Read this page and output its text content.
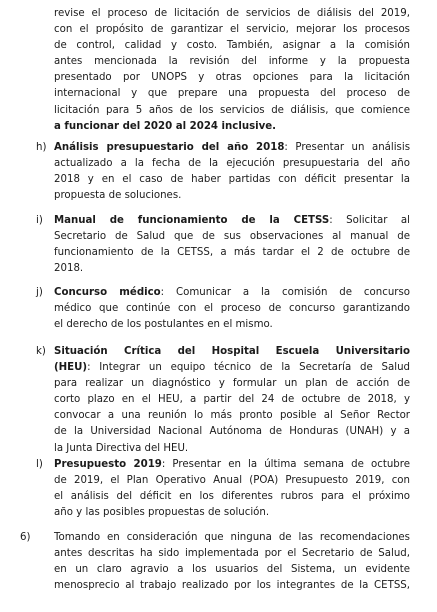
revise el proceso de licitación de servicios de diálisis del 2019,
con el propósito de garantizar el servicio, mejorar los procesos
de control, calidad y costo. También, asignar a la comisión
antes mencionada la revisión del informe y la propuesta
presentado por UNOPS y otras opciones para la licitación
internacional y que prepare una propuesta del proceso de
licitación para 5 años de los servicios de diálisis, que comience
a funcionar del 2020 al 2024 inclusive.
h) Análisis presupuestario del año 2018: Presentar un análisis
actualizado a la fecha de la ejecución presupuestaria del año
2018 y en el caso de haber partidas con déficit presentar la
propuesta de soluciones.
i) Manual de funcionamiento de la CETSS: Solicitar al
Secretario de Salud que de sus observaciones al manual de
funcionamiento de la CETSS, a más tardar el 2 de octubre de
2018.
j) Concurso médico: Comunicar a la comisión de concurso
médico que continúe con el proceso de concurso garantizando
el derecho de los postulantes en el mismo.
k) Situación Crítica del Hospital Escuela Universitario
(HEU): Integrar un equipo técnico de la Secretaría de Salud
para realizar un diagnóstico y formular un plan de acción de
corto plazo en el HEU, a partir del 24 de octubre de 2018, y
convocar a una reunión lo más pronto posible al Señor Rector
de la Universidad Nacional Autónoma de Honduras (UNAH) y a
la Junta Directiva del HEU.
l) Presupuesto 2019: Presentar en la última semana de octubre
de 2019, el Plan Operativo Anual (POA) Presupuesto 2019, con
el análisis del déficit en los diferentes rubros para el próximo
año y las posibles propuestas de solución.
6) Tomando en consideración que ninguna de las recomendaciones
antes descritas ha sido implementada por el Secretario de Salud,
en un claro agravio a los usuarios del Sistema, un evidente
menosprecio al trabajo realizado por los integrantes de la CETSS,
